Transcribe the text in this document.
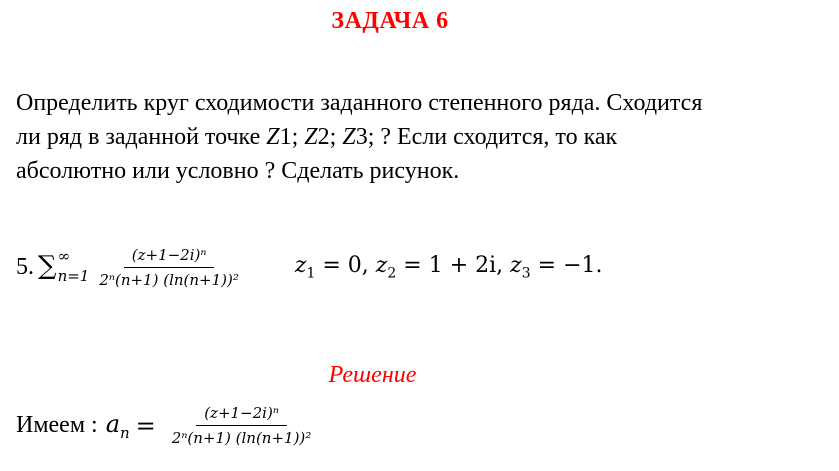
ЗАДАЧА 6

Определить круг сходимости заданного степенного ряда. Сходится

ли ряд в заданной точке Z1; Z2; Z3; ? Если сходится, то как

абсолютно или условно ? Сделать рисунок.

5. ∑ ∞
$n=1 \frac{\text{(z+1−2i)ⁿ}}{\text{2ⁿ(n+1) (ln(n+1))²}} z_1 = 0$, $z_2 = 1 + 2i$, $z_3 = -1$.
Решение
Имеем : $a_n = \frac{\text{(z+1−2i)ⁿ}}{\text{2ⁿ(n+1) (ln(n+1))²}}$
